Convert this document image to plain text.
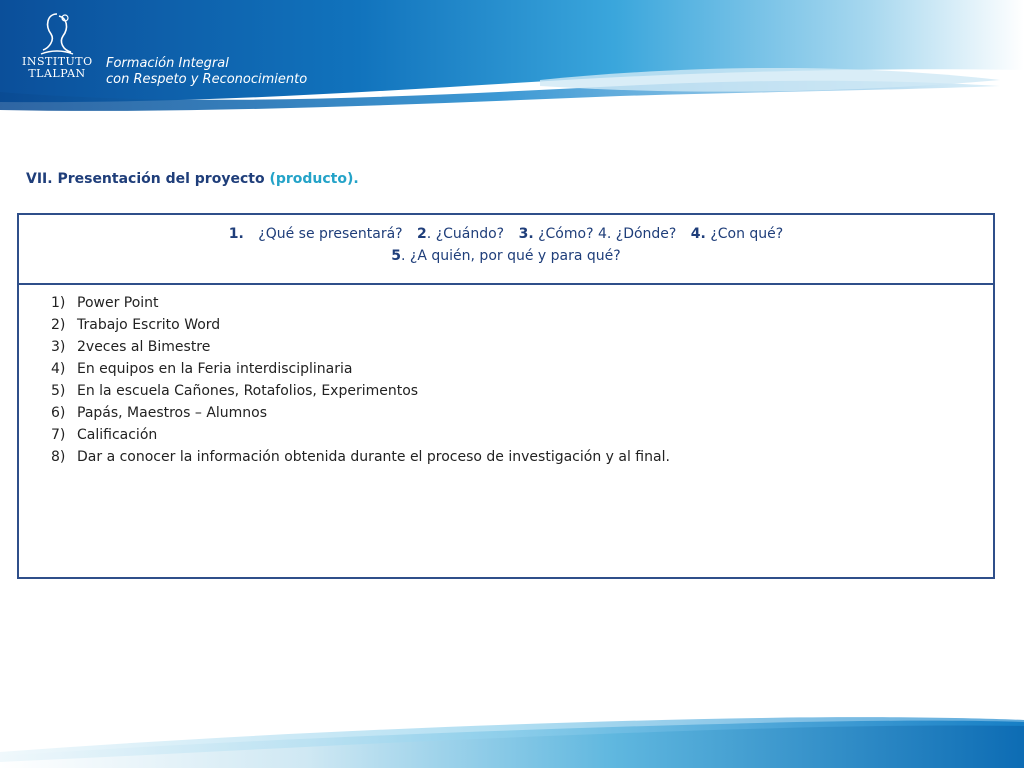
INSTITUTO
TLALPAN
Formación Integral
con Respeto y Reconocimiento
VII. Presentación del proyecto (producto).
1. ¿Qué se presentará? 2. ¿Cuándo? 3. ¿Cómo? 4. ¿Dónde? 4. ¿Con qué?
5. ¿A quién, por qué y para qué?
1) Power Point
2) Trabajo Escrito Word
3) 2veces al Bimestre
4) En equipos en la Feria interdisciplinaria
5) En la escuela Cañones, Rotafolios, Experimentos
6) Papás, Maestros – Alumnos
7) Calificación
8) Dar a conocer la información obtenida durante el proceso de investigación y al final.
